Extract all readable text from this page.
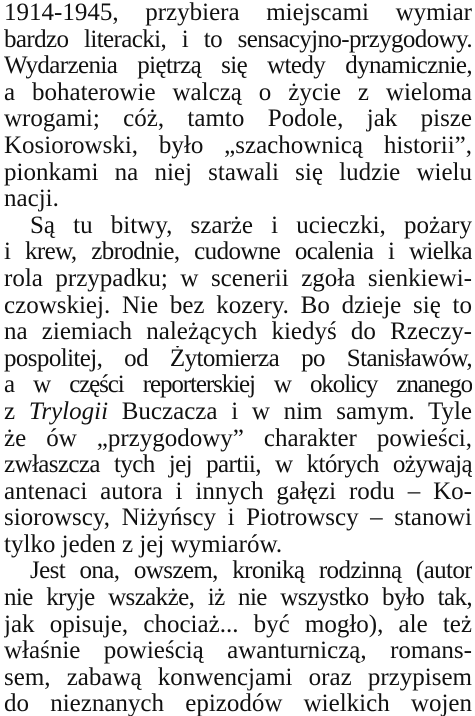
1914-1945, przybiera miejscami wymiar
bardzo literacki, i to sensacyjno-przygodowy.
Wydarzenia piętrzą się wtedy dynamicznie,
a bohaterowie walczą o życie z wieloma
wrogami; cóż, tamto Podole, jak pisze
Kosiorowski, było „szachownicą historii”,
pionkami na niej stawali się ludzie wielu
nacji.
Są tu bitwy, szarże i ucieczki, pożary
i krew, zbrodnie, cudowne ocalenia i wielka
rola przypadku; w scenerii zgoła sienkiewi-
czowskiej. Nie bez kozery. Bo dzieje się to
na ziemiach należących kiedyś do Rzeczy-
pospolitej, od Żytomierza po Stanisławów,
a w części reporterskiej w okolicy znanego
z Trylogii Buczacza i w nim samym. Tyle
że ów „przygodowy” charakter powieści,
zwłaszcza tych jej partii, w których ożywają
antenaci autora i innych gałęzi rodu – Ko-
siorowscy, Niżyńscy i Piotrowscy – stanowi
tylko jeden z jej wymiarów.
Jest ona, owszem, kroniką rodzinną (autor
nie kryje wszakże, iż nie wszystko było tak,
jak opisuje, chociaż... być mogło), ale też
właśnie powieścią awanturniczą, romans-
sem, zabawą konwencjami oraz przypisem
do nieznanych epizodów wielkich wojen
